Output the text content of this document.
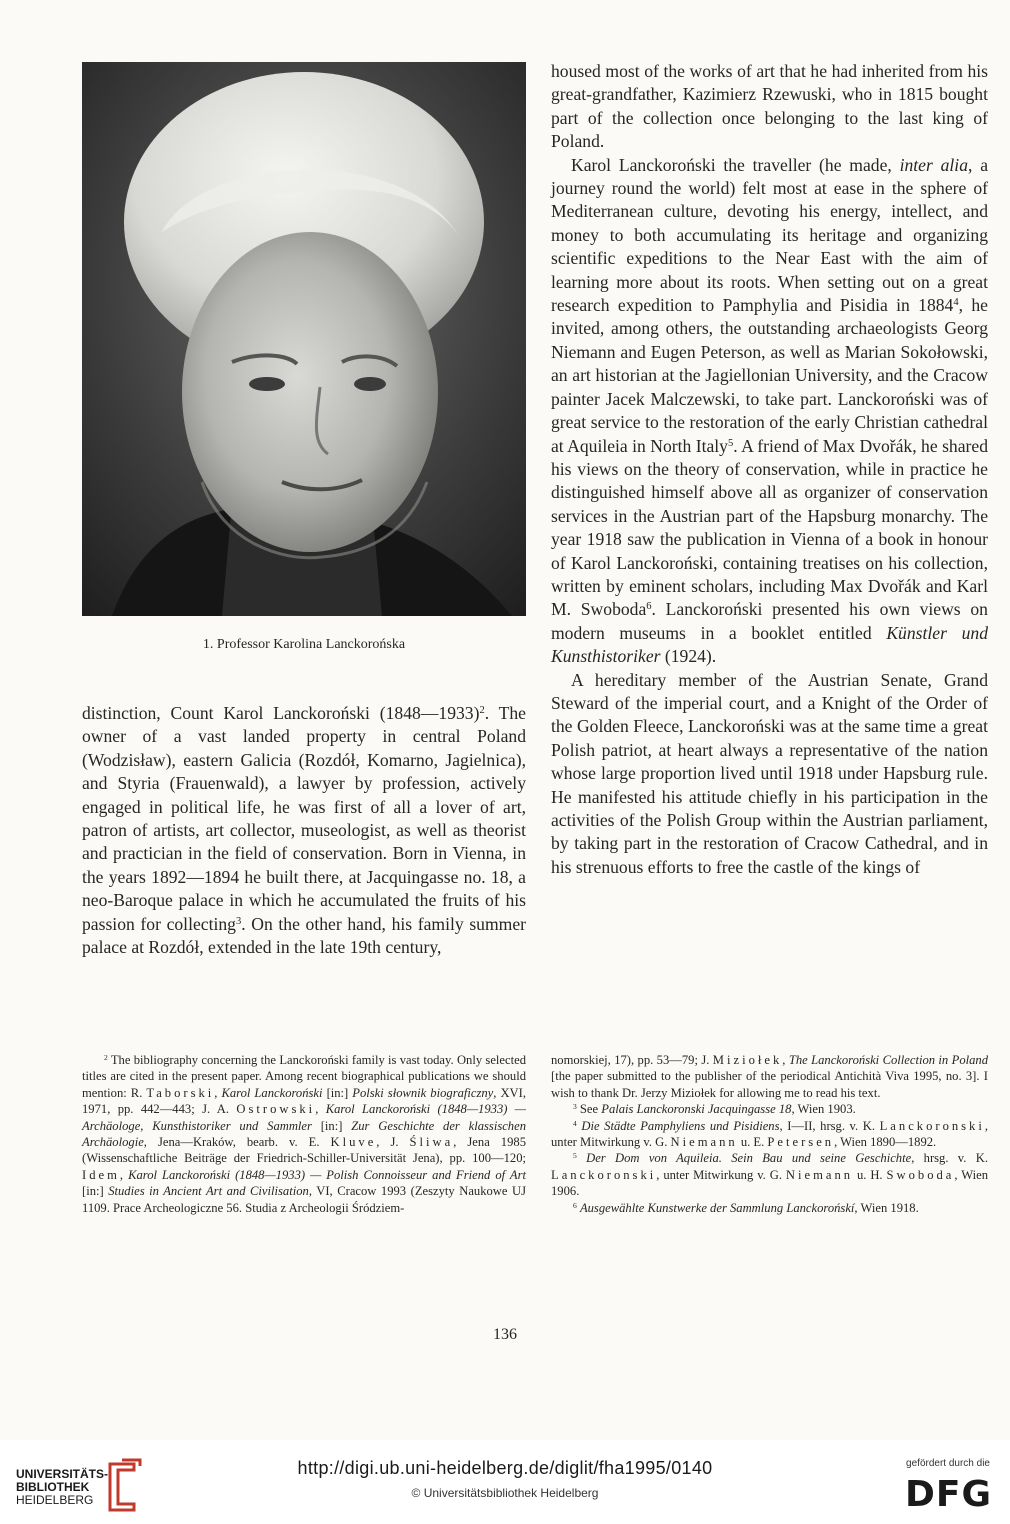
1. Professor Karolina Lanckorońska

distinction, Count Karol Lanckoroński (1848—1933)$^2$. The owner of a vast landed property in central Poland (Wodzisław), eastern Galicia (Rozdół, Komarno, Jagielnica), and Styria (Frauenwald), a lawyer by profession, actively engaged in political life, he was first of all a lover of art, patron of artists, art collector, museologist, as well as theorist and practician in the field of conservation. Born in Vienna, in the years 1892—1894 he built there, at Jacquingasse no. 18, a neo-Baroque palace in which he accumulated the fruits of his passion for collecting$^3$. On the other hand, his family summer palace at Rozdół, extended in the late 19th century,

housed most of the works of art that he had inherited from his great-grandfather, Kazimierz Rzewuski, who in 1815 bought part of the collection once belonging to the last king of Poland.

Karol Lanckoroński the traveller (he made, inter alia, a journey round the world) felt most at ease in the sphere of Mediterranean culture, devoting his energy, intellect, and money to both accumulating its heritage and organizing scientific expeditions to the Near East with the aim of learning more about its roots. When setting out on a great research expedition to Pamphylia and Pisidia in 1884$^4$, he invited, among others, the outstanding archaeologists Georg Niemann and Eugen Peterson, as well as Marian Sokołowski, an art historian at the Jagiellonian University, and the Cracow painter Jacek Malczewski, to take part. Lanckoroński was of great service to the restoration of the early Christian cathedral at Aquileia in North Italy$^5$. A friend of Max Dvořák, he shared his views on the theory of conservation, while in practice he distinguished himself above all as organizer of conservation services in the Austrian part of the Hapsburg monarchy. The year 1918 saw the publication in Vienna of a book in honour of Karol Lanckoroński, containing treatises on his collection, written by eminent scholars, including Max Dvořák and Karl M. Swoboda$^6$. Lanckoroński presented his own views on modern museums in a booklet entitled Künstler und Kunsthistoriker (1924).

A hereditary member of the Austrian Senate, Grand Steward of the imperial court, and a Knight of the Order of the Golden Fleece, Lanckoroński was at the same time a great Polish patriot, at heart always a representative of the nation whose large proportion lived until 1918 under Hapsburg rule. He manifested his attitude chiefly in his participation in the activities of the Polish Group within the Austrian parliament, by taking part in the restoration of Cracow Cathedral, and in his strenuous efforts to free the castle of the kings of

$^2$ The bibliography concerning the Lanckoroński family is vast today. Only selected titles are cited in the present paper. Among recent biographical publications we should mention: R. Taborski, Karol Lanckoroński [in:] Polski słownik biograficzny, XVI, 1971, pp. 442—443; J. A. Ostrowski, Karol Lanckoroński (1848—1933) — Archäologe, Kunsthistoriker und Sammler [in:] Zur Geschichte der klassischen Archäologie, Jena—Kraków, bearb. v. E. Kluve, J. Śliwa, Jena 1985 (Wissenschaftliche Beiträge der Friedrich-Schiller-Universität Jena), pp. 100—120; Idem, Karol Lanckoroński (1848—1933) — Polish Connoisseur and Friend of Art [in:] Studies in Ancient Art and Civilisation, VI, Cracow 1993 (Zeszyty Naukowe UJ 1109. Prace Archeologiczne 56. Studia z Archeologii Śródziem-

nomorskiej, 17), pp. 53—79; J. Miziołek, The Lanckoroński Collection in Poland [the paper submitted to the publisher of the periodical Antichità Viva 1995, no. 3]. I wish to thank Dr. Jerzy Miziołek for allowing me to read his text.

$^3$ See Palais Lanckoronski Jacquingasse 18, Wien 1903.

$^4$ Die Städte Pamphyliens und Pisidiens, I—II, hrsg. v. K. Lanckoronski, unter Mitwirkung v. G. Niemann u. E. Petersen, Wien 1890—1892.

$^5$ Der Dom von Aquileia. Sein Bau und seine Geschichte, hrsg. v. K. Lanckoronski, unter Mitwirkung v. G. Niemann u. H. Swoboda, Wien 1906.

$^6$ Ausgewählte Kunstwerke der Sammlung Lanckorońskí, Wien 1918.

136
UNIVERSITÄTS-
BIBLIOTHEK
HEIDELBERG
http://digi.ub.uni-heidelberg.de/diglit/fha1995/0140
© Universitätsbibliothek Heidelberg
gefördert durch die
DFG
